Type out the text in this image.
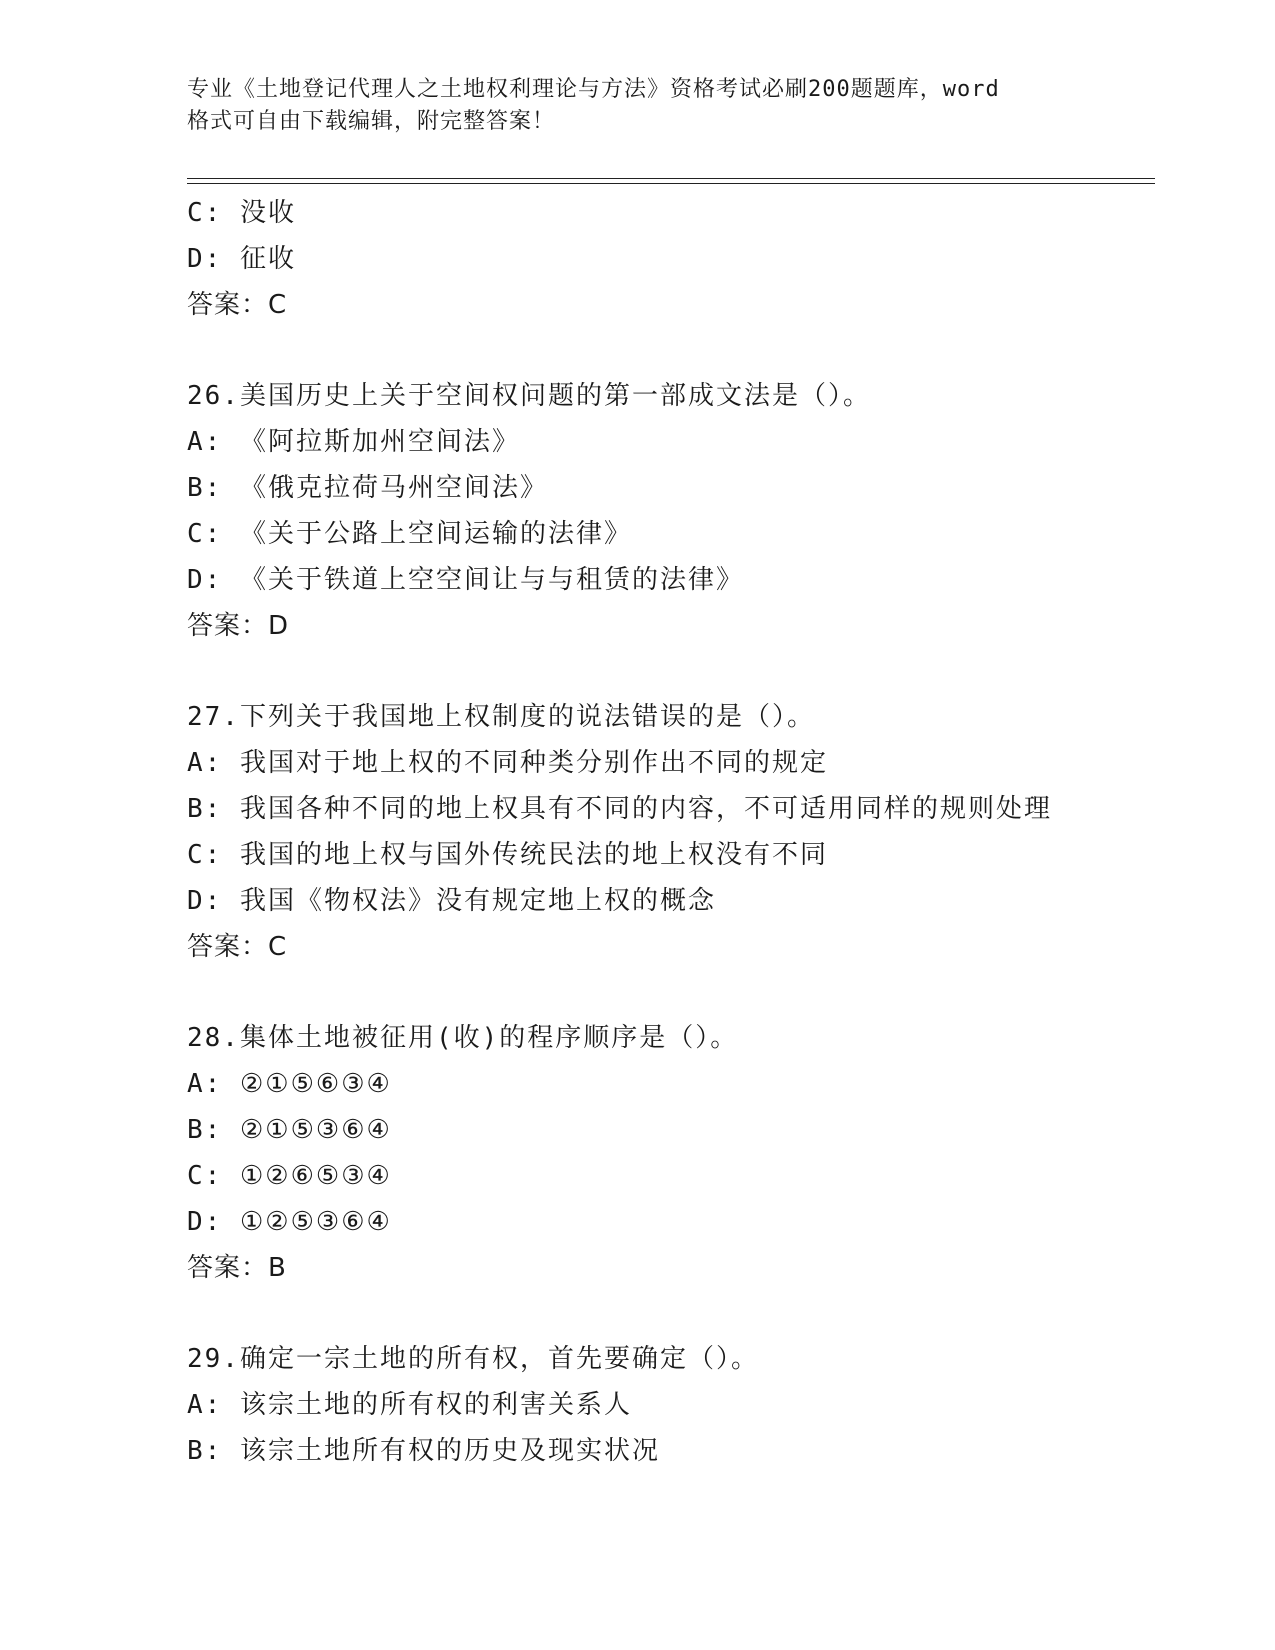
专业《土地登记代理人之土地权利理论与方法》资格考试必刷200题题库，word
格式可自由下载编辑，附完整答案！
C: 没收
D: 征收
答案：C
26.美国历史上关于空间权问题的第一部成文法是（）。
A: 《阿拉斯加州空间法》
B: 《俄克拉荷马州空间法》
C: 《关于公路上空间运输的法律》
D: 《关于铁道上空空间让与与租赁的法律》
答案：D
27.下列关于我国地上权制度的说法错误的是（）。
A: 我国对于地上权的不同种类分别作出不同的规定
B: 我国各种不同的地上权具有不同的内容，不可适用同样的规则处理
C: 我国的地上权与国外传统民法的地上权没有不同
D: 我国《物权法》没有规定地上权的概念
答案：C
28.集体土地被征用(收)的程序顺序是（）。
A: ②①⑤⑥③④
B: ②①⑤③⑥④
C: ①②⑥⑤③④
D: ①②⑤③⑥④
答案：B
29.确定一宗土地的所有权，首先要确定（）。
A: 该宗土地的所有权的利害关系人
B: 该宗土地所有权的历史及现实状况
